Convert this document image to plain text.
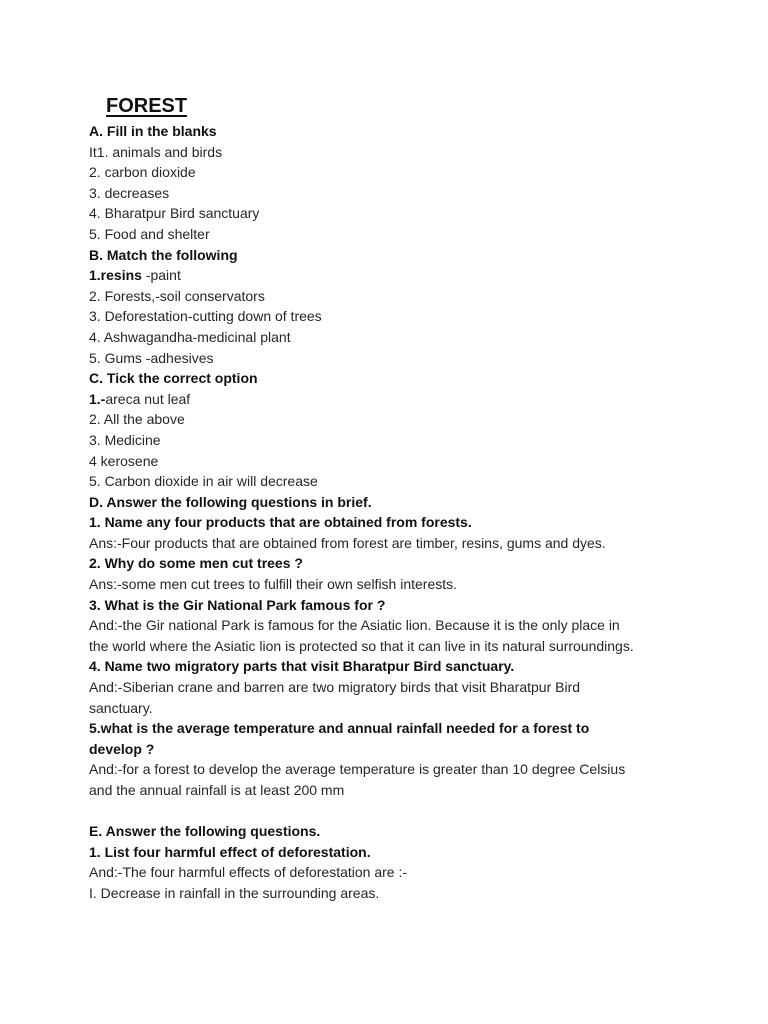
FOREST
A. Fill in the blanks
It1. animals and birds
2. carbon dioxide
3. decreases
4. Bharatpur Bird sanctuary
5. Food and shelter
B. Match the following
1.resins -paint
2. Forests,-soil conservators
3. Deforestation-cutting down of trees
4. Ashwagandha-medicinal plant
5. Gums -adhesives
C. Tick the correct option
1.-areca nut leaf
2. All the above
3. Medicine
4 kerosene
5. Carbon dioxide in air will decrease
D. Answer the following questions in brief.
1. Name any four products that are obtained from forests.
Ans:-Four products that are obtained from forest are timber, resins, gums and dyes.
2. Why do some men cut trees ?
Ans:-some men cut trees to fulfill their own selfish interests.
3. What is the Gir National Park famous for ?
And:-the Gir national Park is famous for the Asiatic lion. Because it is the only place in
the world where the Asiatic lion is protected so that it can live in its natural surroundings.
4. Name two migratory parts that visit Bharatpur Bird sanctuary.
And:-Siberian crane and barren are two migratory birds that visit Bharatpur Bird
sanctuary.
5.what is the average temperature and annual rainfall needed for a forest to
develop ?
And:-for a forest to develop the average temperature is greater than 10 degree Celsius
and the annual rainfall is at least 200 mm
E. Answer the following questions.
1. List four harmful effect of deforestation.
And:-The four harmful effects of deforestation are :-
I. Decrease in rainfall in the surrounding areas.
